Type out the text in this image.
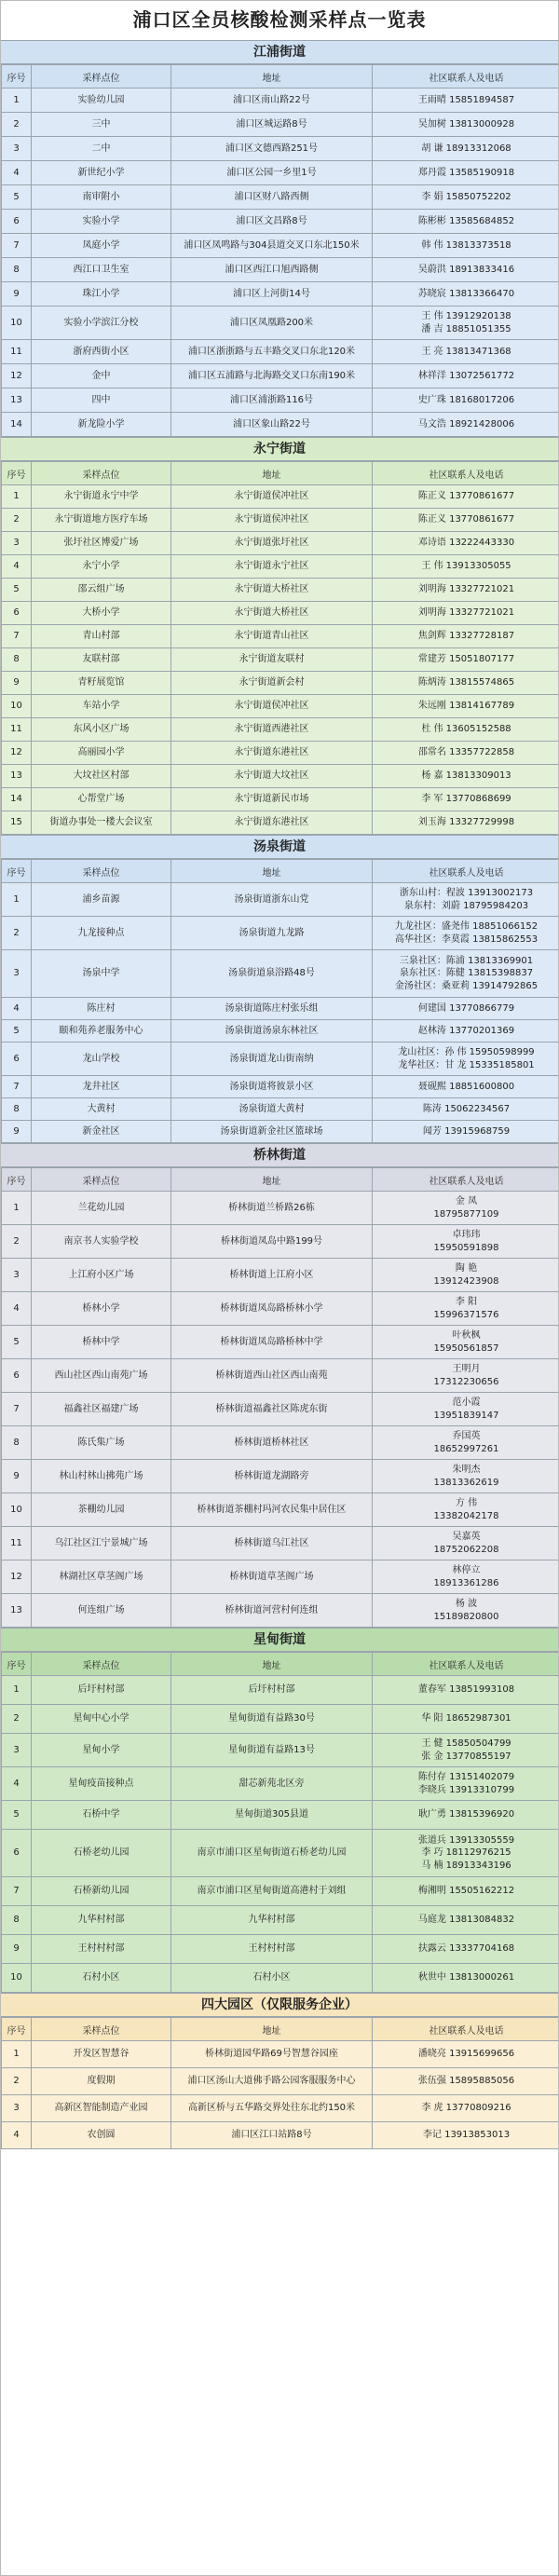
浦口区全员核酸检测采样点一览表
江浦街道
序号	采样点位	地址	社区联系人及电话
1	实验幼儿园	浦口区南山路22号	王雨晴 15851894587
2	三中	浦口区城运路8号	吴加树 13813000928
3	二中	浦口区文德西路251号	胡 谦 18913312068
4	新世纪小学	浦口区公园一乡里1号	郑丹霞 13585190918
5	南审附小	浦口区财八路西侧	李 娟 15850752202
6	实验小学	浦口区文昌路8号	陈彬彬 13585684852
7	凤庭小学	浦口区凤鸣路与304县道交叉口东北150米	韩 伟 13813373518
8	西江口卫生室	浦口区西江口旭西路侧	吴蔚洪 18913833416
9	珠江小学	浦口区上河街14号	苏晓宸 13813366470
10	实验小学滨江分校	浦口区凤凰路200米	王 伟 13912920138
潘 吉 18851051355
11	浙府西街小区	浦口区浙浙路与五丰路交叉口东北120米	王 亮 13813471368
12	金中	浦口区五浦路与北海路交叉口东南190米	林祥洋 13072561772
13	四中	浦口区浦浙路116号	史广珠 18168017206
14	新龙险小学	浦口区象山路22号	马文浩 18921428006
永宁街道
序号	采样点位	地址	社区联系人及电话
1	永宁街道永宁中学	永宁街道侯冲社区	陈正义 13770861677
2	永宁街道地方医疗车场	永宁街道侯冲社区	陈正义 13770861677
3	张圩社区博爱广场	永宁街道张圩社区	邓诗语 13222443330
4	永宁小学	永宁街道永宁社区	王 伟 13913305055
5	邵云组广场	永宁街道大桥社区	刘明海 13327721021
6	大桥小学	永宁街道大桥社区	刘明海 13327721021
7	青山村部	永宁街道青山社区	焦剑辉 13327728187
8	友联村部	永宁街道友联村	常建芳 15051807177
9	青籽展览馆	永宁街道新会村	陈炳涛 13815574865
10	车站小学	永宁街道侯冲社区	朱远刚 13814167789
11	东风小区广场	永宁街道西港社区	杜 伟 13605152588
12	高丽园小学	永宁街道东港社区	邵常名 13357722858
13	大坟社区村部	永宁街道大坟社区	杨 嘉 13813309013
14	心帮堂广场	永宁街道新民市场	李 军 13770868699
15	街道办事处一楼大会议室	永宁街道东港社区	刘玉海 13327729998
汤泉街道
序号	采样点位	地址	社区联系人及电话
1	浦乡苗源	汤泉街道浙东山党	浙东山村：程波 13913002173
泉东村：刘蔚 18795984203
2	九龙接种点	汤泉街道九龙路	九龙社区：盛尧伟 18851066152
高华社区：李莫霞 13815862553
3	汤泉中学	汤泉街道泉浴路48号	三泉社区：陈浦 13813369901
泉东社区：陈健 13815398837
金汤社区：桑亚莉 13914792865
4	陈庄村	汤泉街道陈庄村张乐组	何建国 13770866779
5	颐和苑养老服务中心	汤泉街道汤泉东林社区	赵林涛 13770201369
6	龙山学校	汤泉街道龙山街南纳	龙山社区：孙 伟 15950598999
龙华社区：甘 龙 15335185801
7	龙井社区	汤泉街道将彼景小区	聂砚熙 18851600800
8	大黄村	汤泉街道大黄村	陈涛 15062234567
9	新金社区	汤泉街道新金社区篮球场	闻芳 13915968759
桥林街道
序号	采样点位	地址	社区联系人及电话
1	兰花幼儿园	桥林街道兰桥路26栋	金 凤
18795877109
2	南京书人实验学校	桥林街道凤岛中路199号	卓玮玮
15950591898
3	上江府小区广场	桥林街道上江府小区	陶 艳
13912423908
4	桥林小学	桥林街道凤岛路桥林小学	李 阳
15996371576
5	桥林中学	桥林街道凤岛路桥林中学	叶秋枫
15950561857
6	西山社区西山南苑广场	桥林街道西山社区西山南苑	王明月
17312230656
7	福鑫社区福建广场	桥林街道福鑫社区陈虎东街	范小霞
13951839147
8	陈氏集广场	桥林街道桥林社区	乔国英
18652997261
9	林山村林山拂苑广场	桥林街道龙湖路旁	朱明杰
13813362619
10	茶棚幼儿园	桥林街道茶棚村玛河农民集中居住区	方 伟
13382042178
11	乌江社区江宁景城广场	桥林街道乌江社区	吴嘉英
18752062208
12	林湖社区草茎阁广场	桥林街道草茎阁广场	林停立
18913361286
13	何连组广场	桥林街道河营村何连组	杨 波
15189820800
星甸街道
序号	采样点位	地址	社区联系人及电话
1	后圩村村部	后圩村村部	董春军 13851993108
2	星甸中心小学	星甸街道有益路30号	华 阳 18652987301
3	星甸小学	星甸街道有益路13号	王 健 15850504799
张 金 13770855197
4	星甸疫苗接种点	甜芯新苑北区旁	陈付存 13151402079
李晓兵 13913310799
5	石桥中学	星甸街道305县道	耿广勇 13815396920
6	石桥老幼儿园	南京市浦口区星甸街道石桥老幼儿园	张道兵 13913305559
李 巧 18112976215
马 楠 18913343196
7	石桥新幼儿园	南京市浦口区星甸街道高港村于刘组	梅湘明 15505162212
8	九华村村部	九华村村部	马庭龙 13813084832
9	王村村村部	王村村村部	扶露云 13337704168
10	石村小区	石村小区	秋世中 13813000261
四大园区（仅限服务企业）
序号	采样点位	地址	社区联系人及电话
1	开发区智慧谷	桥林街道园华路69号智慧谷园座	潘晓亮 13915699656
2	度假期	浦口区汤山大道佛手路公园客服服务中心	张伍强 15895885056
3	高新区智能制造产业园	高新区桥与五华路交界处往东北约150米	李 虎 13770809216
4	农创圆	浦口区江口站路8号	李记 13913853013
